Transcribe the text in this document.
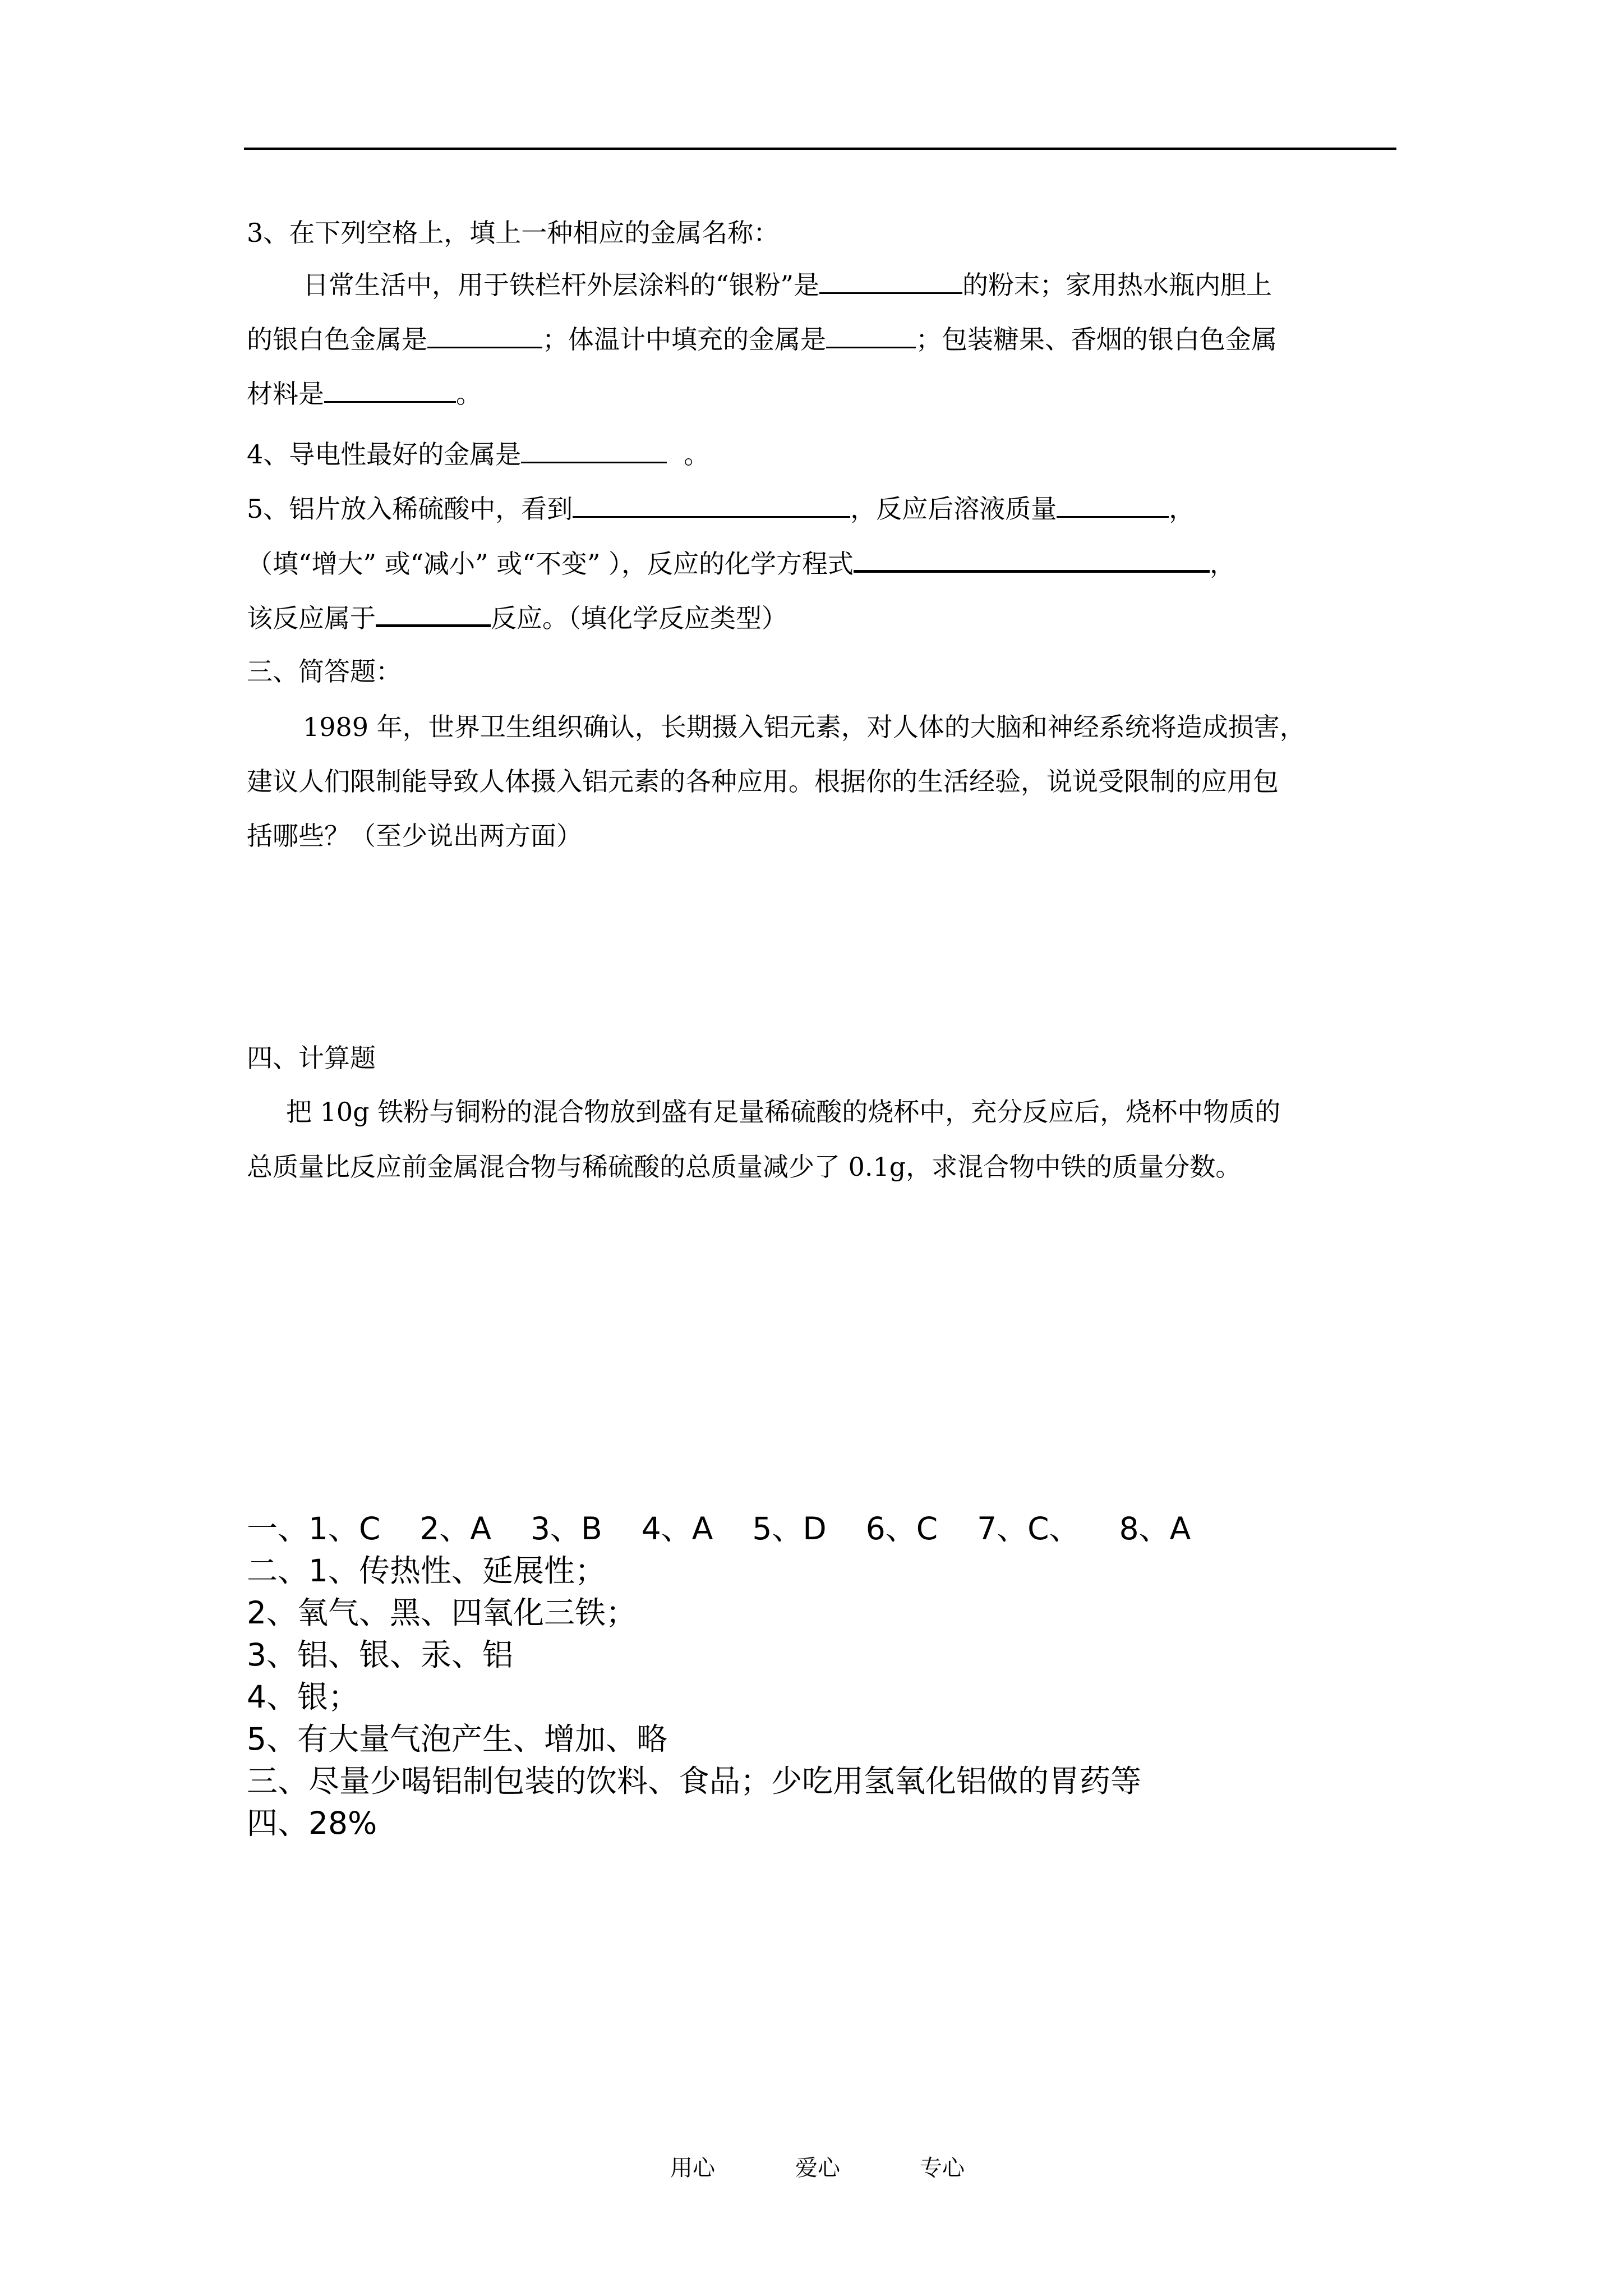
3、在下列空格上，填上一种相应的金属名称：
日常生活中，用于铁栏杆外层涂料的“银粉”是	的粉末；家用热水瓶内胆上
的银白色金属是	；体温计中填充的金属是	；包装糖果、香烟的银白色金属
材料是	。
4、导电性最好的金属是	。
5、铝片放入稀硫酸中，看到	，反应后溶液质量	，
（填“增大” 或“减小” 或“不变” ），反应的化学方程式	，
该反应属于	反应。（填化学反应类型）
三、简答题：
1989 年，世界卫生组织确认，长期摄入铝元素，对人体的大脑和神经系统将造成损害，
建议人们限制能导致人体摄入铝元素的各种应用。根据你的生活经验，说说受限制的应用包
括哪些？（至少说出两方面）
四、计算题
把 10g 铁粉与铜粉的混合物放到盛有足量稀硫酸的烧杯中，充分反应后，烧杯中物质的
总质量比反应前金属混合物与稀硫酸的总质量减少了 0.1g，求混合物中铁的质量分数。
一、1、C 2、A 3、B 4、A 5、D 6、C 7、C、 8、A
二、1、传热性、延展性；
2、氧气、黑、四氧化三铁；
3、铝、银、汞、铝
4、银；
5、有大量气泡产生、增加、略
三、尽量少喝铝制包装的饮料、食品；少吃用氢氧化铝做的胃药等
四、28%
用心	爱心	专心
